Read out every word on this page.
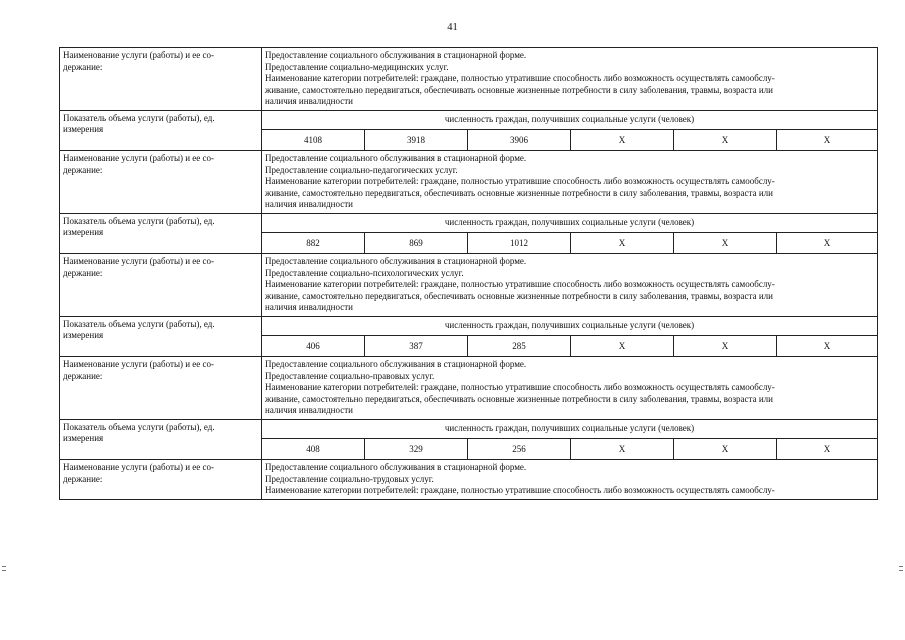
41
Наименование услуги (работы) и ее со-
держание:	Предоставление социального обслуживания в стационарной форме.
Предоставление социально-медицинских услуг.
Наименование категории потребителей: граждане, полностью утратившие способность либо возможность осуществлять самообслу-
живание, самостоятельно передвигаться, обеспечивать основные жизненные потребности в силу заболевания, травмы, возраста или
наличия инвалидности					

Показатель объема услуги (работы), ед.
измерения	численность граждан, получивших социальные услуги (человек)					
	4108	3918	3906	Х	Х	Х
Наименование услуги (работы) и ее со-
держание:	Предоставление социального обслуживания в стационарной форме.
Предоставление социально-педагогических услуг.
Наименование категории потребителей: граждане, полностью утратившие способность либо возможность осуществлять самообслу-
живание, самостоятельно передвигаться, обеспечивать основные жизненные потребности в силу заболевания, травмы, возраста или
наличия инвалидности					

Показатель объема услуги (работы), ед.
измерения	численность граждан, получивших социальные услуги (человек)					
	882	869	1012	Х	Х	Х
Наименование услуги (работы) и ее со-
держание:	Предоставление социального обслуживания в стационарной форме.
Предоставление социально-психологических услуг.
Наименование категории потребителей: граждане, полностью утратившие способность либо возможность осуществлять самообслу-
живание, самостоятельно передвигаться, обеспечивать основные жизненные потребности в силу заболевания, травмы, возраста или
наличия инвалидности					

Показатель объема услуги (работы), ед.
измерения	численность граждан, получивших социальные услуги (человек)					
	406	387	285	Х	Х	Х
Наименование услуги (работы) и ее со-
держание:	Предоставление социального обслуживания в стационарной форме.
Предоставление социально-правовых услуг.
Наименование категории потребителей: граждане, полностью утратившие способность либо возможность осуществлять самообслу-
живание, самостоятельно передвигаться, обеспечивать основные жизненные потребности в силу заболевания, травмы, возраста или
наличия инвалидности					

Показатель объема услуги (работы), ед.
измерения	численность граждан, получивших социальные услуги (человек)					
	408	329	256	Х	Х	Х
Наименование услуги (работы) и ее со-
держание:	Предоставление социального обслуживания в стационарной форме.
Предоставление социально-трудовых услуг.
Наименование категории потребителей: граждане, полностью утратившие способность либо возможность осуществлять самообслу-					
